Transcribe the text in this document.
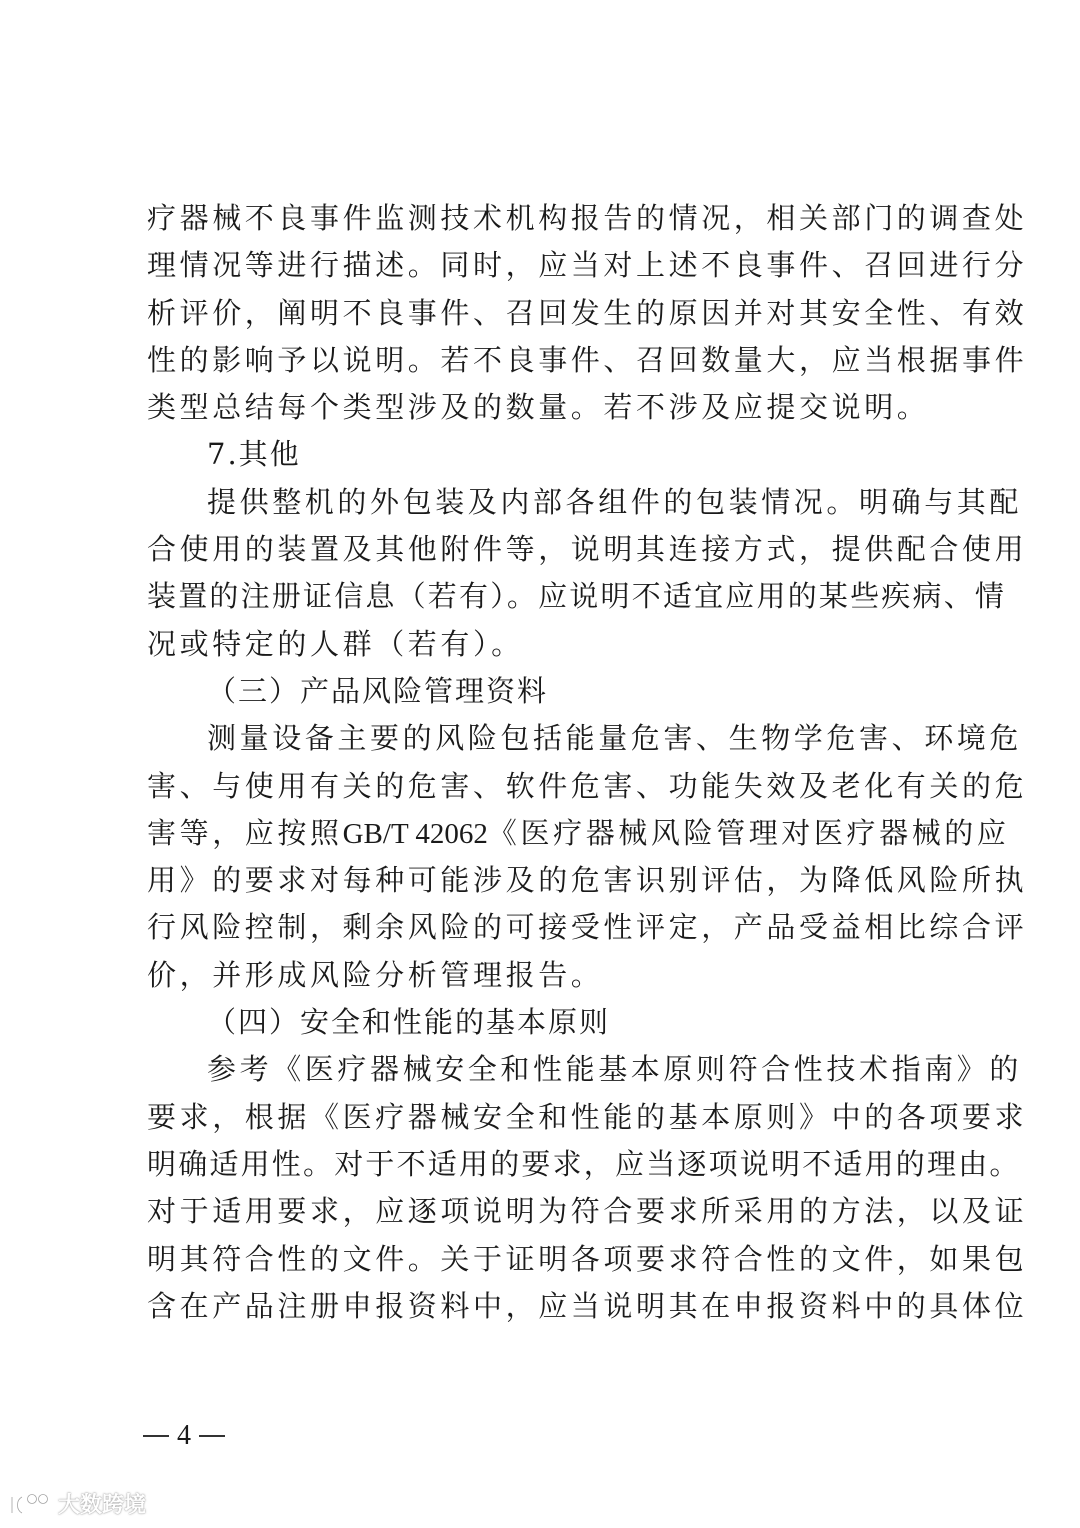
疗器械不良事件监测技术机构报告的情况，相关部门的调查处
理情况等进行描述。同时，应当对上述不良事件、召回进行分
析评价，阐明不良事件、召回发生的原因并对其安全性、有效
性的影响予以说明。若不良事件、召回数量大，应当根据事件
类型总结每个类型涉及的数量。若不涉及应提交说明。
7.其他
提供整机的外包装及内部各组件的包装情况。明确与其配
合使用的装置及其他附件等，说明其连接方式，提供配合使用
装置的注册证信息（若有）。应说明不适宜应用的某些疾病、情
况或特定的人群（若有）。
（三）产品风险管理资料
测量设备主要的风险包括能量危害、生物学危害、环境危
害、与使用有关的危害、软件危害、功能失效及老化有关的危
害等，应按照GB/T 42062《医疗器械风险管理对医疗器械的应
用》的要求对每种可能涉及的危害识别评估，为降低风险所执
行风险控制，剩余风险的可接受性评定，产品受益相比综合评
价，并形成风险分析管理报告。
（四）安全和性能的基本原则
参考《医疗器械安全和性能基本原则符合性技术指南》的
要求，根据《医疗器械安全和性能的基本原则》中的各项要求
明确适用性。对于不适用的要求，应当逐项说明不适用的理由。
对于适用要求，应逐项说明为符合要求所采用的方法，以及证
明其符合性的文件。关于证明各项要求符合性的文件，如果包
含在产品注册申报资料中，应当说明其在申报资料中的具体位
4
大数跨境
